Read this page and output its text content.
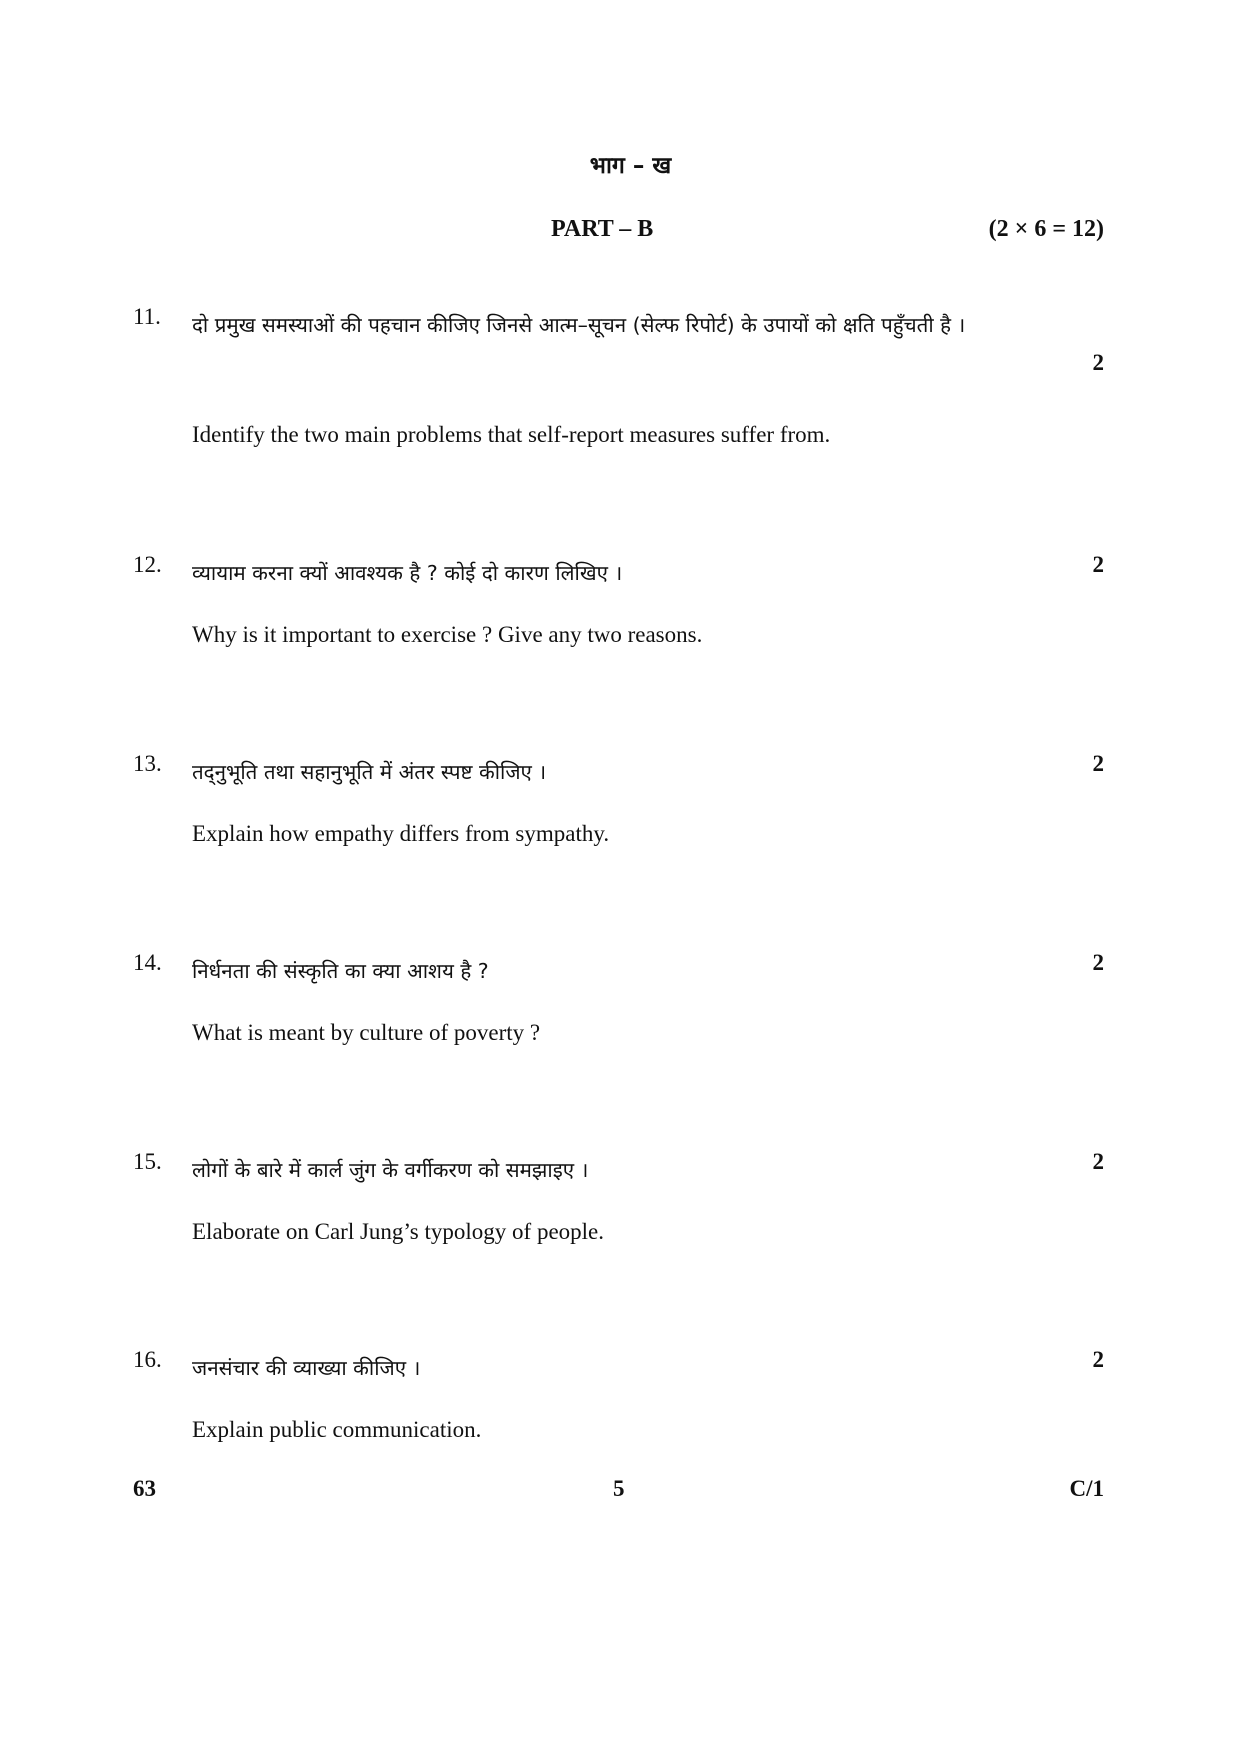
भाग – ख
PART – B	(2 × 6 = 12)
11. दो प्रमुख समस्याओं की पहचान कीजिए जिनसे आत्म–सूचन (सेल्फ रिपोर्ट) के उपायों को क्षति पहुँचती है ।
2
Identify the two main problems that self-report measures suffer from.
12. व्यायाम करना क्यों आवश्यक है ? कोई दो कारण लिखिए ।	2
Why is it important to exercise ? Give any two reasons.
13. तद्‌नुभूति तथा सहानुभूति में अंतर स्पष्ट कीजिए ।	2
Explain how empathy differs from sympathy.
14. निर्धनता की संस्कृति का क्या आशय है ?	2
What is meant by culture of poverty ?
15. लोगों के बारे में कार्ल जुंग के वर्गीकरण को समझाइए ।	2
Elaborate on Carl Jung’s typology of people.
16. जनसंचार की व्याख्या कीजिए ।	2
Explain public communication.
63	5	C/1
